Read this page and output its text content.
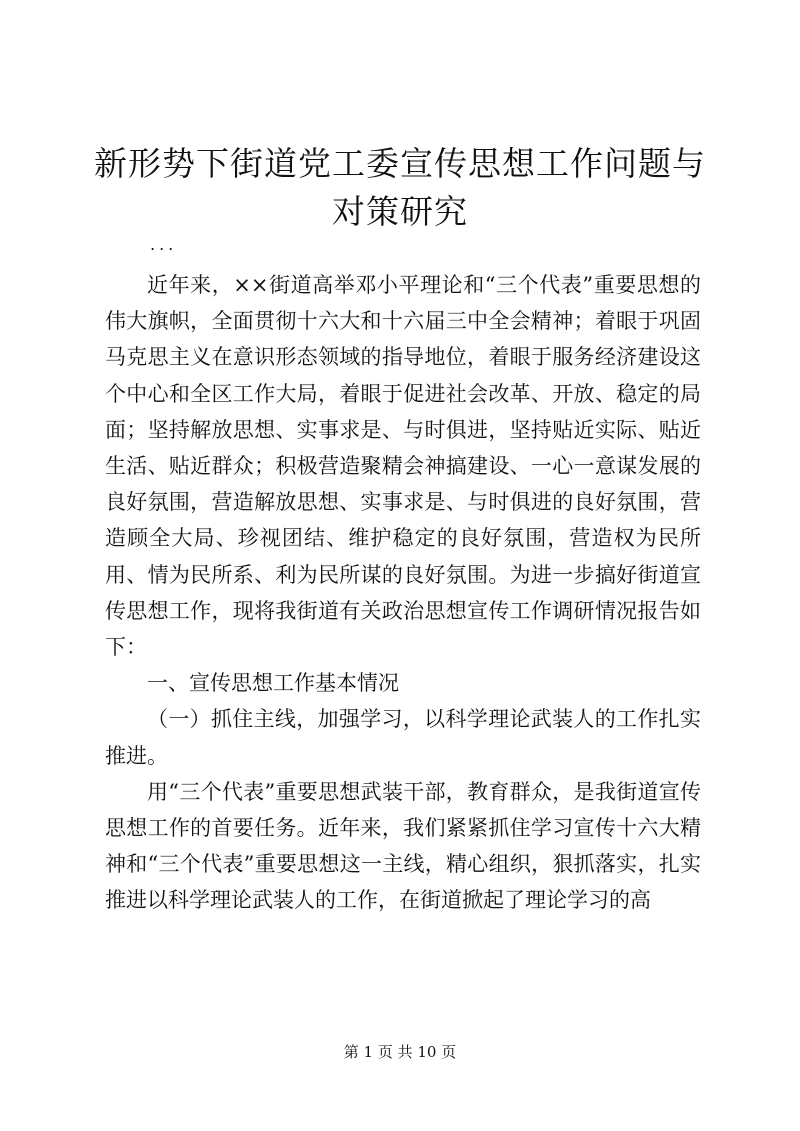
新形势下街道党工委宣传思想工作问题与对策研究
...

近年来，××街道高举邓小平理论和“三个代表”重要思想的伟大旗帜，全面贯彻十六大和十六届三中全会精神；着眼于巩固马克思主义在意识形态领域的指导地位，着眼于服务经济建设这个中心和全区工作大局，着眼于促进社会改革、开放、稳定的局面；坚持解放思想、实事求是、与时俱进，坚持贴近实际、贴近生活、贴近群众；积极营造聚精会神搞建设、一心一意谋发展的良好氛围，营造解放思想、实事求是、与时俱进的良好氛围，营造顾全大局、珍视团结、维护稳定的良好氛围，营造权为民所用、情为民所系、利为民所谋的良好氛围。为进一步搞好街道宣传思想工作，现将我街道有关政治思想宣传工作调研情况报告如下：

一、宣传思想工作基本情况

（一）抓住主线，加强学习，以科学理论武装人的工作扎实推进。

用“三个代表”重要思想武装干部，教育群众，是我街道宣传思想工作的首要任务。近年来，我们紧紧抓住学习宣传十六大精神和“三个代表”重要思想这一主线，精心组织，狠抓落实，扎实推进以科学理论武装人的工作，在街道掀起了理论学习的高

第 1 页 共 10 页
